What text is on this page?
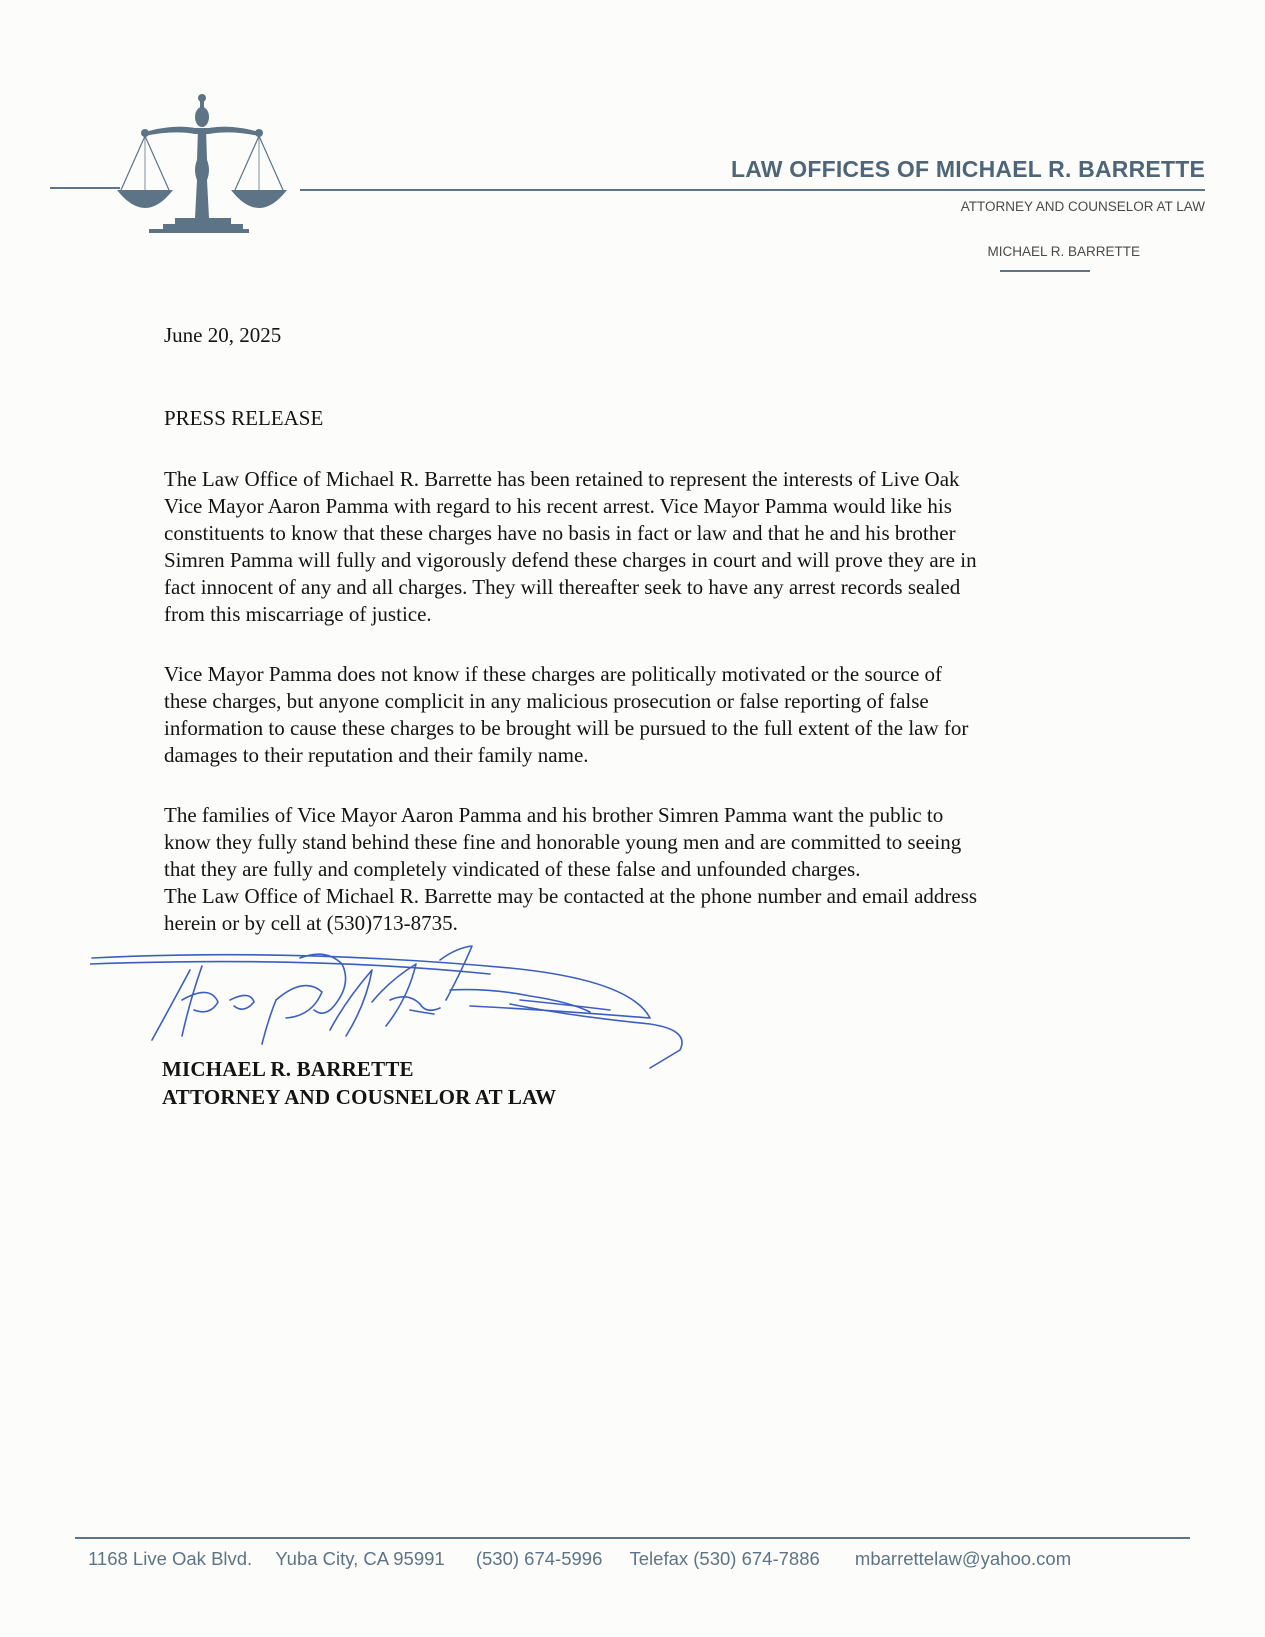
LAW OFFICES OF MICHAEL R. BARRETTE
ATTORNEY AND COUNSELOR AT LAW
MICHAEL R. BARRETTE
June 20, 2025
PRESS RELEASE

The Law Office of Michael R. Barrette has been retained to represent the interests of Live Oak
Vice Mayor Aaron Pamma with regard to his recent arrest. Vice Mayor Pamma would like his
constituents to know that these charges have no basis in fact or law and that he and his brother
Simren Pamma will fully and vigorously defend these charges in court and will prove they are in
fact innocent of any and all charges. They will thereafter seek to have any arrest records sealed
from this miscarriage of justice.

Vice Mayor Pamma does not know if these charges are politically motivated or the source of
these charges, but anyone complicit in any malicious prosecution or false reporting of false
information to cause these charges to be brought will be pursued to the full extent of the law for
damages to their reputation and their family name.

The families of Vice Mayor Aaron Pamma and his brother Simren Pamma want the public to
know they fully stand behind these fine and honorable young men and are committed to seeing
that they are fully and completely vindicated of these false and unfounded charges.
The Law Office of Michael R. Barrette may be contacted at the phone number and email address
herein or by cell at (530)713-8735.

MICHAEL R. BARRETTE
ATTORNEY AND COUSNELOR AT LAW
1168 Live Oak Blvd. Yuba City, CA 95991 (530) 674-5996 Telefax (530) 674-7886 mbarrettelaw@yahoo.com
